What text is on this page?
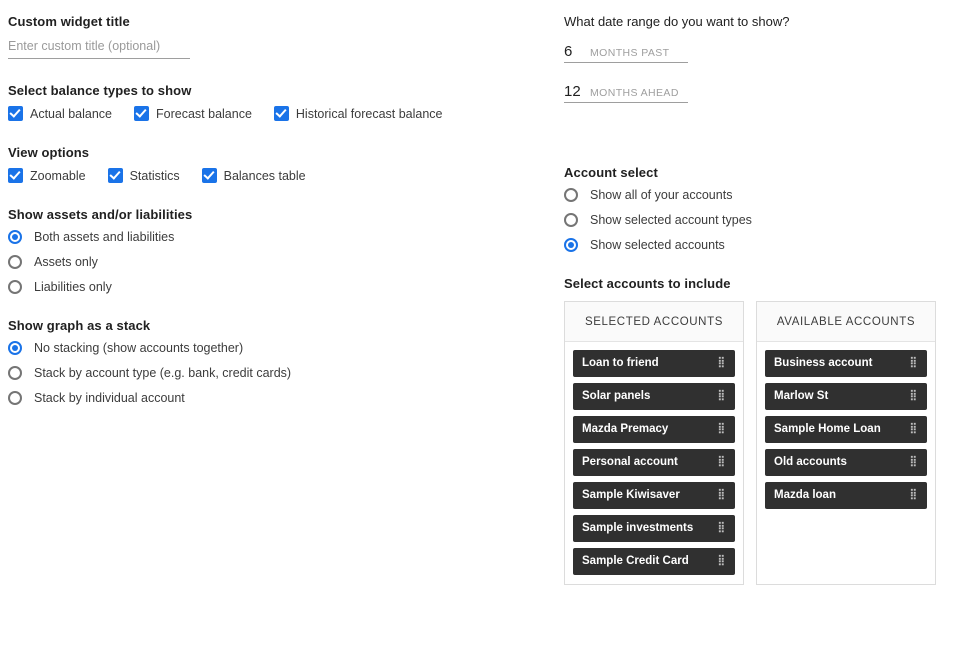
Custom widget title
Enter custom title (optional)
Select balance types to show
Actual balance	Forecast balance	Historical forecast balance
View options
Zoomable	Statistics	Balances table
Show assets and/or liabilities
Both assets and liabilities
Assets only
Liabilities only
Show graph as a stack
No stacking (show accounts together)
Stack by account type (e.g. bank, credit cards)
Stack by individual account
What date range do you want to show?
6	MONTHS PAST
12 MONTHS AHEAD
Account select
Show all of your accounts
Show selected account types
Show selected accounts
Select accounts to include
SELECTED ACCOUNTS
Loan to friend	⣿
Solar panels	⣿
Mazda Premacy	⣿
Personal account	⣿
Sample Kiwisaver	⣿
Sample investments ⣿
Sample Credit Card	⣿
AVAILABLE ACCOUNTS
Business account	⣿
Marlow St	⣿
Sample Home Loan	⣿
Old accounts	⣿
Mazda loan	⣿
